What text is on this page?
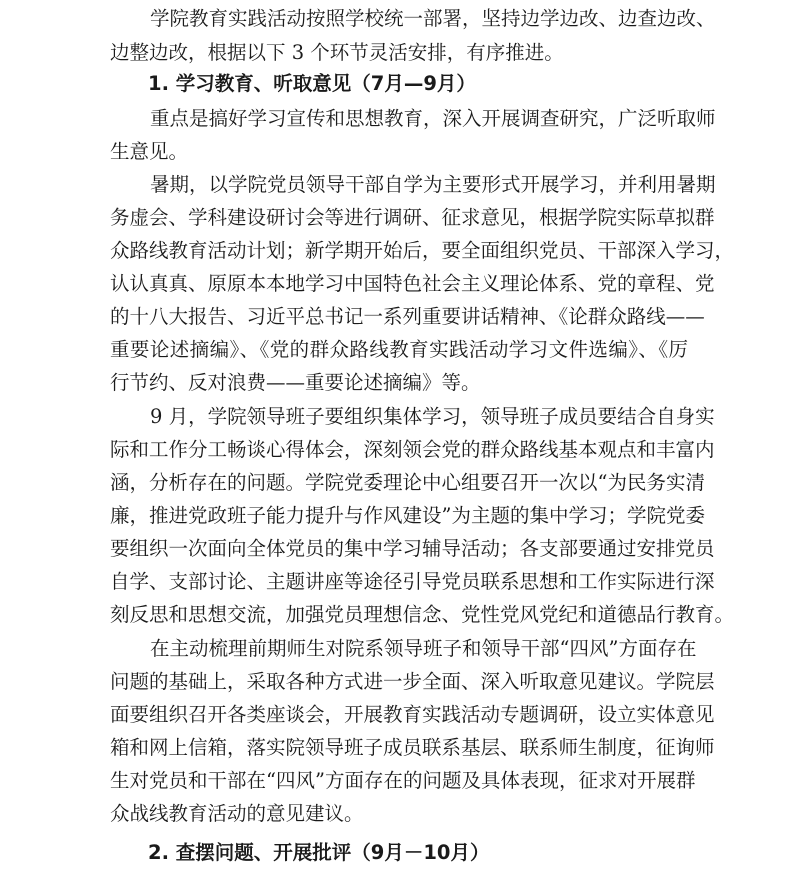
学院教育实践活动按照学校统一部署，坚持边学边改、边查边改、
边整边改，根据以下 3 个环节灵活安排，有序推进。
1. 学习教育、听取意见（7月—9月）
重点是搞好学习宣传和思想教育，深入开展调查研究，广泛听取师
生意见。
暑期，以学院党员领导干部自学为主要形式开展学习，并利用暑期
务虚会、学科建设研讨会等进行调研、征求意见，根据学院实际草拟群
众路线教育活动计划；新学期开始后，要全面组织党员、干部深入学习，
认认真真、原原本本地学习中国特色社会主义理论体系、党的章程、党
的十八大报告、习近平总书记一系列重要讲话精神、《论群众路线——
重要论述摘编》、《党的群众路线教育实践活动学习文件选编》、《厉
行节约、反对浪费——重要论述摘编》等。
9 月，学院领导班子要组织集体学习，领导班子成员要结合自身实
际和工作分工畅谈心得体会，深刻领会党的群众路线基本观点和丰富内
涵，分析存在的问题。学院党委理论中心组要召开一次以“为民务实清
廉，推进党政班子能力提升与作风建设”为主题的集中学习；学院党委
要组织一次面向全体党员的集中学习辅导活动；各支部要通过安排党员
自学、支部讨论、主题讲座等途径引导党员联系思想和工作实际进行深
刻反思和思想交流，加强党员理想信念、党性党风党纪和道德品行教育。
在主动梳理前期师生对院系领导班子和领导干部“四风”方面存在
问题的基础上，采取各种方式进一步全面、深入听取意见建议。学院层
面要组织召开各类座谈会，开展教育实践活动专题调研，设立实体意见
箱和网上信箱，落实院领导班子成员联系基层、联系师生制度，征询师
生对党员和干部在“四风”方面存在的问题及具体表现，征求对开展群
众战线教育活动的意见建议。
2. 查摆问题、开展批评（9月－10月）
